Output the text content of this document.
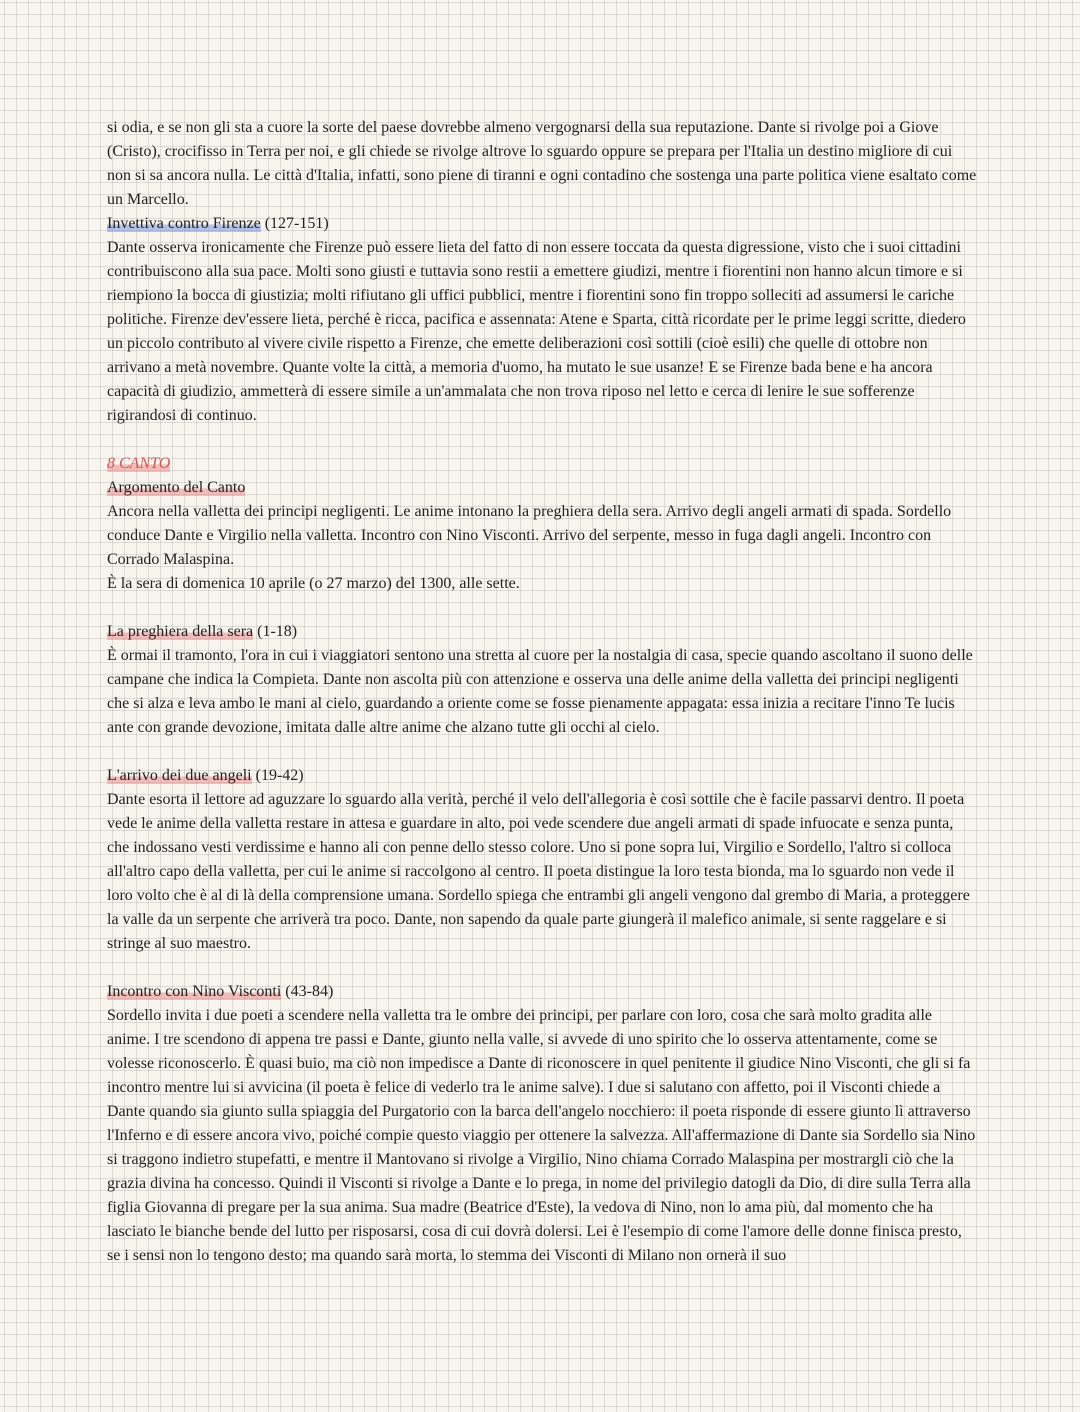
si odia, e se non gli sta a cuore la sorte del paese dovrebbe almeno vergognarsi della sua reputazione. Dante si rivolge poi a Giove (Cristo), crocifisso in Terra per noi, e gli chiede se rivolge altrove lo sguardo oppure se prepara per l'Italia un destino migliore di cui non si sa ancora nulla. Le città d'Italia, infatti, sono piene di tiranni e ogni contadino che sostenga una parte politica viene esaltato come un Marcello.

Invettiva contro Firenze (127-151)

Dante osserva ironicamente che Firenze può essere lieta del fatto di non essere toccata da questa digressione, visto che i suoi cittadini contribuiscono alla sua pace. Molti sono giusti e tuttavia sono restii a emettere giudizi, mentre i fiorentini non hanno alcun timore e si riempiono la bocca di giustizia; molti rifiutano gli uffici pubblici, mentre i fiorentini sono fin troppo solleciti ad assumersi le cariche politiche. Firenze dev'essere lieta, perché è ricca, pacifica e assennata: Atene e Sparta, città ricordate per le prime leggi scritte, diedero un piccolo contributo al vivere civile rispetto a Firenze, che emette deliberazioni così sottili (cioè esili) che quelle di ottobre non arrivano a metà novembre. Quante volte la città, a memoria d'uomo, ha mutato le sue usanze! E se Firenze bada bene e ha ancora capacità di giudizio, ammetterà di essere simile a un'ammalata che non trova riposo nel letto e cerca di lenire le sue sofferenze rigirandosi di continuo.

8 CANTO

Argomento del Canto

Ancora nella valletta dei principi negligenti. Le anime intonano la preghiera della sera. Arrivo degli angeli armati di spada. Sordello conduce Dante e Virgilio nella valletta. Incontro con Nino Visconti. Arrivo del serpente, messo in fuga dagli angeli. Incontro con Corrado Malaspina.

È la sera di domenica 10 aprile (o 27 marzo) del 1300, alle sette.

La preghiera della sera (1-18)

È ormai il tramonto, l'ora in cui i viaggiatori sentono una stretta al cuore per la nostalgia di casa, specie quando ascoltano il suono delle campane che indica la Compieta. Dante non ascolta più con attenzione e osserva una delle anime della valletta dei principi negligenti che si alza e leva ambo le mani al cielo, guardando a oriente come se fosse pienamente appagata: essa inizia a recitare l'inno Te lucis ante con grande devozione, imitata dalle altre anime che alzano tutte gli occhi al cielo.

L'arrivo dei due angeli (19-42)

Dante esorta il lettore ad aguzzare lo sguardo alla verità, perché il velo dell'allegoria è così sottile che è facile passarvi dentro. Il poeta vede le anime della valletta restare in attesa e guardare in alto, poi vede scendere due angeli armati di spade infuocate e senza punta, che indossano vesti verdissime e hanno ali con penne dello stesso colore. Uno si pone sopra lui, Virgilio e Sordello, l'altro si colloca all'altro capo della valletta, per cui le anime si raccolgono al centro. Il poeta distingue la loro testa bionda, ma lo sguardo non vede il loro volto che è al di là della comprensione umana. Sordello spiega che entrambi gli angeli vengono dal grembo di Maria, a proteggere la valle da un serpente che arriverà tra poco. Dante, non sapendo da quale parte giungerà il malefico animale, si sente raggelare e si stringe al suo maestro.

Incontro con Nino Visconti (43-84)

Sordello invita i due poeti a scendere nella valletta tra le ombre dei principi, per parlare con loro, cosa che sarà molto gradita alle anime. I tre scendono di appena tre passi e Dante, giunto nella valle, si avvede di uno spirito che lo osserva attentamente, come se volesse riconoscerlo. È quasi buio, ma ciò non impedisce a Dante di riconoscere in quel penitente il giudice Nino Visconti, che gli si fa incontro mentre lui si avvicina (il poeta è felice di vederlo tra le anime salve). I due si salutano con affetto, poi il Visconti chiede a Dante quando sia giunto sulla spiaggia del Purgatorio con la barca dell'angelo nocchiero: il poeta risponde di essere giunto lì attraverso l'Inferno e di essere ancora vivo, poiché compie questo viaggio per ottenere la salvezza. All'affermazione di Dante sia Sordello sia Nino si traggono indietro stupefatti, e mentre il Mantovano si rivolge a Virgilio, Nino chiama Corrado Malaspina per mostrargli ciò che la grazia divina ha concesso. Quindi il Visconti si rivolge a Dante e lo prega, in nome del privilegio datogli da Dio, di dire sulla Terra alla figlia Giovanna di pregare per la sua anima. Sua madre (Beatrice d'Este), la vedova di Nino, non lo ama più, dal momento che ha lasciato le bianche bende del lutto per risposarsi, cosa di cui dovrà dolersi. Lei è l'esempio di come l'amore delle donne finisca presto, se i sensi non lo tengono desto; ma quando sarà morta, lo stemma dei Visconti di Milano non ornerà il suo
